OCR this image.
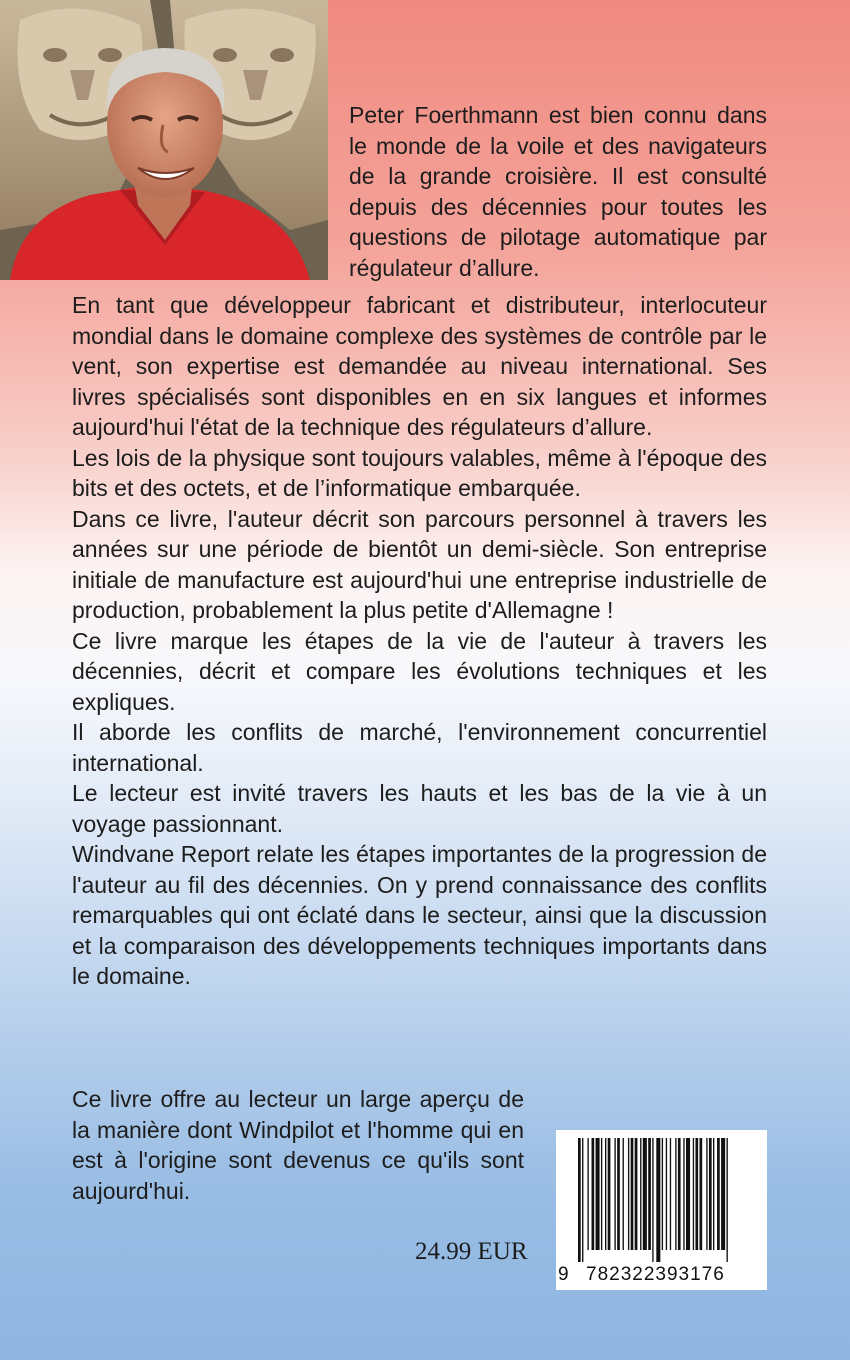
Peter Foerthmann est bien connu dans le monde de la voile et des navigateurs de la grande croisière. Il est consulté depuis des décennies pour toutes les questions de pilotage automatique par régulateur d’allure.

En tant que développeur fabricant et distributeur, interlocuteur mondial dans le domaine complexe des systèmes de contrôle par le vent, son expertise est demandée au niveau international. Ses livres spécialisés sont disponibles en en six langues et informes aujourd'hui l'état de la technique des régulateurs d’allure.

Les lois de la physique sont toujours valables, même à l'époque des bits et des octets, et de l’informatique embarquée.

Dans ce livre, l'auteur décrit son parcours personnel à travers les années sur une période de bientôt un demi-siècle. Son entreprise initiale de manufacture est aujourd'hui une entreprise industrielle de production, probablement la plus petite d'Allemagne !

Ce livre marque les étapes de la vie de l'auteur à travers les décennies, décrit et compare les évolutions techniques et les expliques.

Il aborde les conflits de marché, l'environnement concurrentiel international.

Le lecteur est invité travers les hauts et les bas de la vie à un voyage passionnant.

Windvane Report relate les étapes importantes de la progression de l'auteur au fil des décennies. On y prend connaissance des conflits remarquables qui ont éclaté dans le secteur, ainsi que la discussion et la comparaison des développements techniques importants dans le domaine.

Ce livre offre au lecteur un large aperçu de la manière dont Windpilot et l'homme qui en est à l'origine sont devenus ce qu'ils sont aujourd'hui.

24.99 EUR
9 782322393176
